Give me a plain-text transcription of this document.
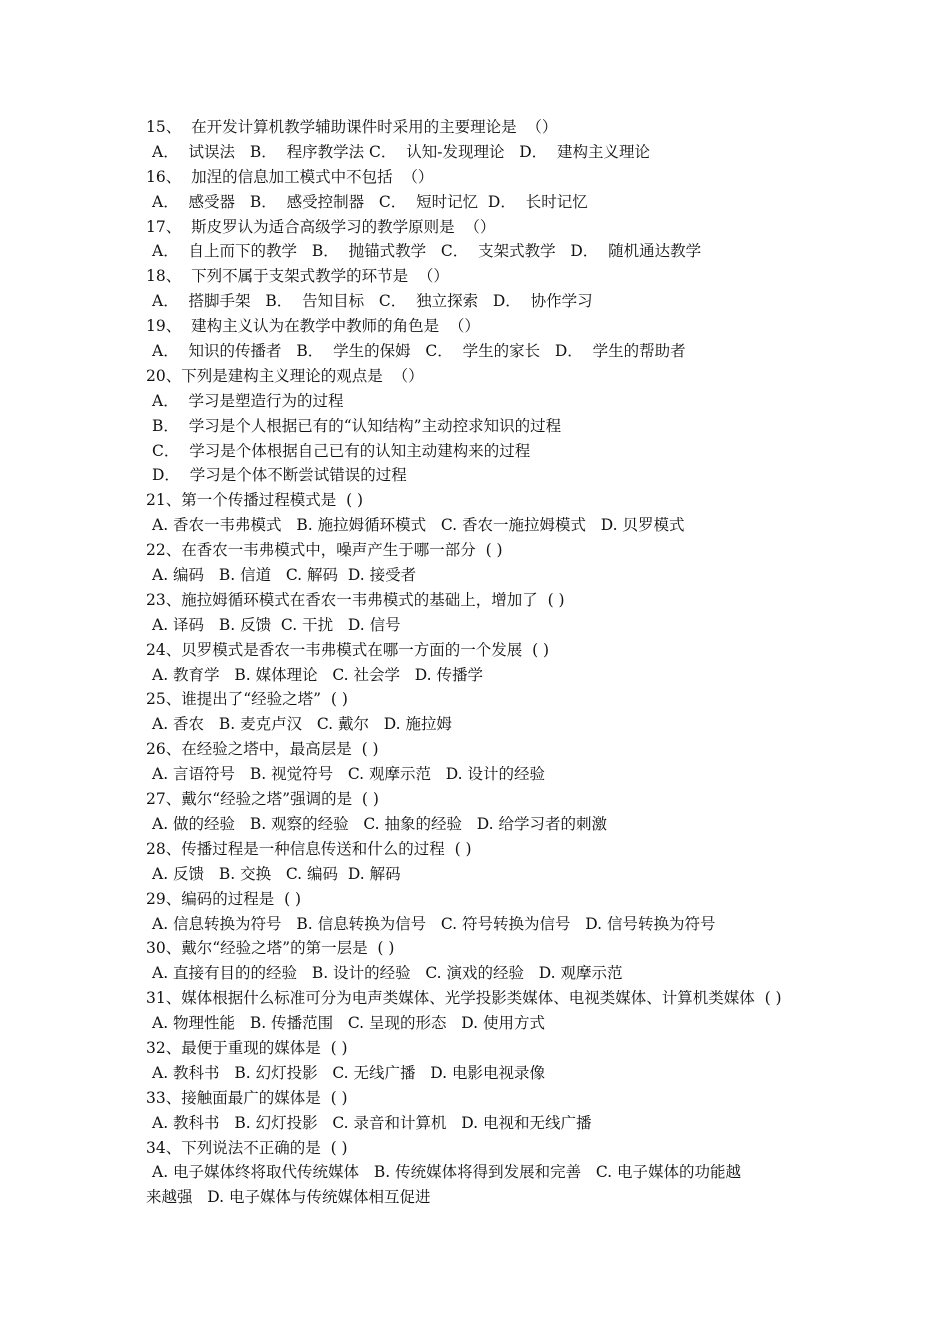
15、  在开发计算机教学辅助课件时采用的主要理论是  （）
A．  试误法   B．  程序教学法 C．  认知-发现理论   D．  建构主义理论
16、  加涅的信息加工模式中不包括  （）
A．  感受器   B．  感受控制器   C．  短时记忆  D．  长时记忆
17、  斯皮罗认为适合高级学习的教学原则是  （）
A．  自上而下的教学   B．  抛锚式教学   C．  支架式教学   D．  随机通达教学
18、  下列不属于支架式教学的环节是  （）
A．  搭脚手架   B．  告知目标   C．  独立探索   D．  协作学习
19、  建构主义认为在教学中教师的角色是  （）
A．  知识的传播者   B．  学生的保姆   C．  学生的家长   D．  学生的帮助者
20、下列是建构主义理论的观点是  （）
A．  学习是塑造行为的过程
B．  学习是个人根据已有的“认知结构”主动控求知识的过程
C．  学习是个体根据自己已有的认知主动建构来的过程
D．  学习是个体不断尝试错误的过程
21、第一个传播过程模式是  ( )
A. 香农一韦弗模式   B. 施拉姆循环模式   C. 香农一施拉姆模式   D. 贝罗模式
22、在香农一韦弗模式中，噪声产生于哪一部分  ( )
A. 编码   B. 信道   C. 解码  D. 接受者
23、施拉姆循环模式在香农一韦弗模式的基础上，增加了  ( )
A. 译码   B. 反馈  C. 干扰   D. 信号
24、贝罗模式是香农一韦弗模式在哪一方面的一个发展  ( )
A. 教育学   B. 媒体理论   C. 社会学   D. 传播学
25、谁提出了“经验之塔”  ( )
A. 香农   B. 麦克卢汉   C. 戴尔   D. 施拉姆
26、在经验之塔中，最高层是  ( )
A. 言语符号   B. 视觉符号   C. 观摩示范   D. 设计的经验
27、戴尔“经验之塔”强调的是  ( )
A. 做的经验   B. 观察的经验   C. 抽象的经验   D. 给学习者的刺激
28、传播过程是一种信息传送和什么的过程  ( )
A. 反馈   B. 交换   C. 编码  D. 解码
29、编码的过程是  ( )
A. 信息转换为符号   B. 信息转换为信号   C. 符号转换为信号   D. 信号转换为符号
30、戴尔“经验之塔”的第一层是  ( )
A. 直接有目的的经验   B. 设计的经验   C. 演戏的经验   D. 观摩示范
31、媒体根据什么标准可分为电声类媒体、光学投影类媒体、电视类媒体、计算机类媒体  ( )
A. 物理性能   B. 传播范围   C. 呈现的形态   D. 使用方式
32、最便于重现的媒体是  ( )
A. 教科书   B. 幻灯投影   C. 无线广播   D. 电影电视录像
33、接触面最广的媒体是  ( )
A. 教科书   B. 幻灯投影   C. 录音和计算机   D. 电视和无线广播
34、下列说法不正确的是  ( )
A. 电子媒体终将取代传统媒体   B. 传统媒体将得到发展和完善   C. 电子媒体的功能越
来越强   D. 电子媒体与传统媒体相互促进
